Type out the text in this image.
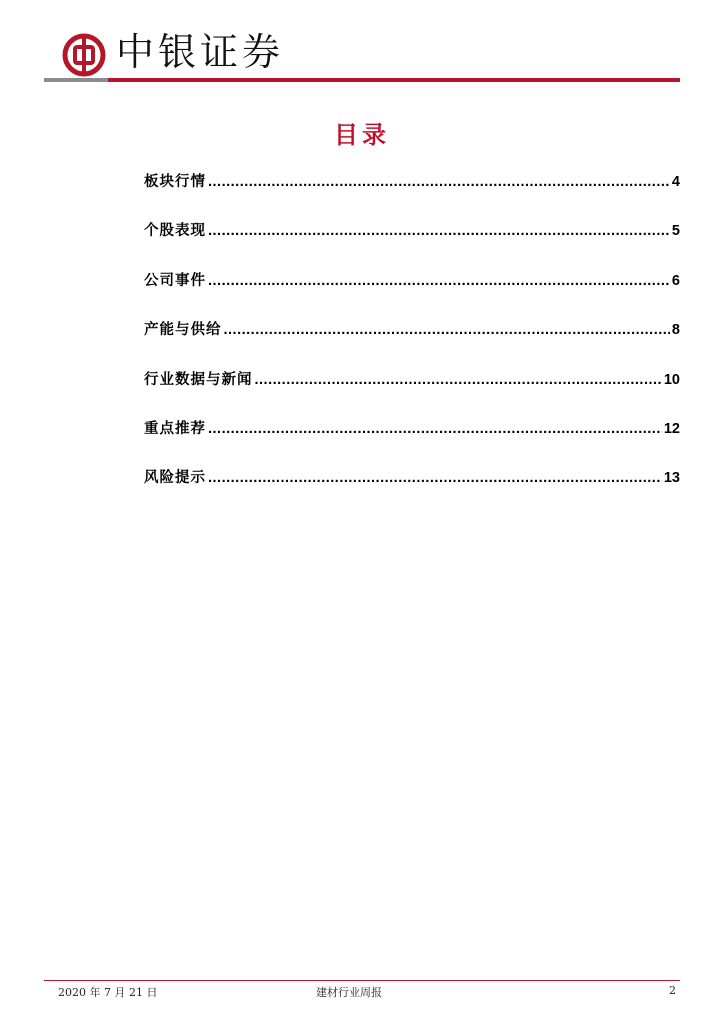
中银证券
目录
板块行情 .....	4
个股表现 .....	5
公司事件 .....	6
产能与供给 .....	8
行业数据与新闻 .....	10
重点推荐 .....	12
风险提示 .....	13
2020 年 7 月 21 日	建材行业周报	2
